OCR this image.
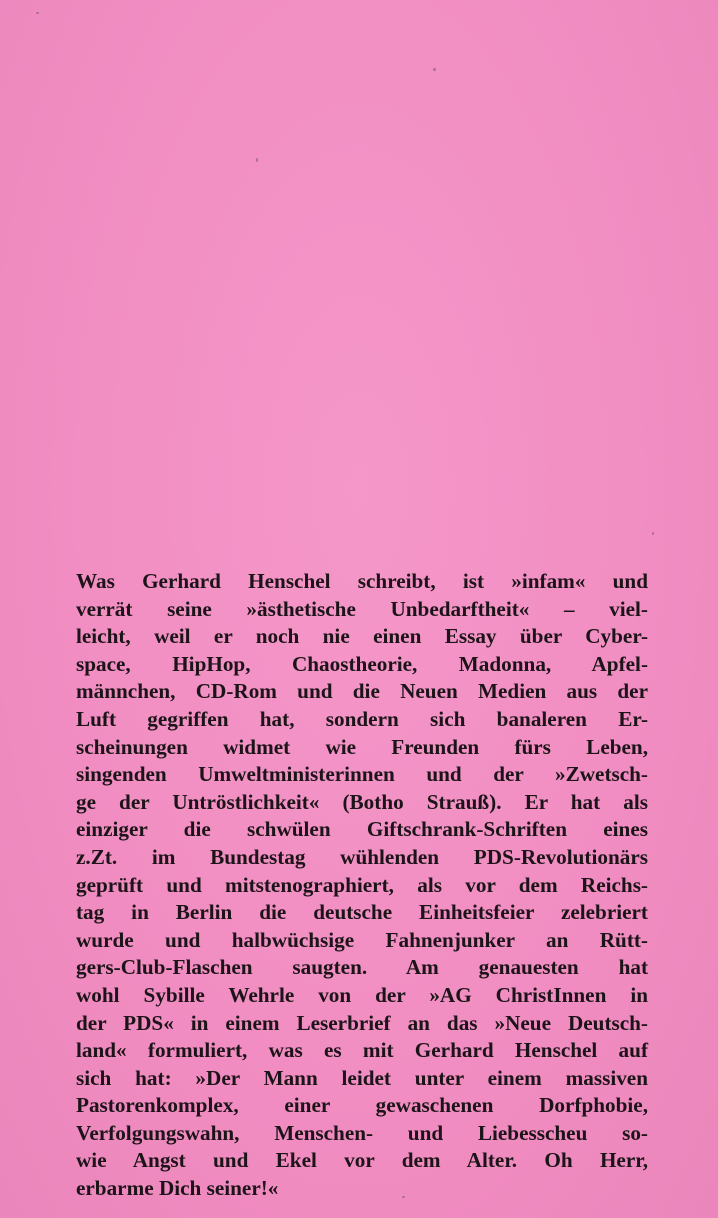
Was Gerhard Henschel schreibt, ist »infam« und
verrät seine »ästhetische Unbedarftheit« – viel-
leicht, weil er noch nie einen Essay über Cyber-
space, HipHop, Chaostheorie, Madonna, Apfel-
männchen, CD-Rom und die Neuen Medien aus der
Luft gegriffen hat, sondern sich banaleren Er-
scheinungen widmet wie Freunden fürs Leben,
singenden Umweltministerinnen und der »Zwetsch-
ge der Untröstlichkeit« (Botho Strauß). Er hat als
einziger die schwülen Giftschrank-Schriften eines
z.Zt. im Bundestag wühlenden PDS-Revolutionärs
geprüft und mitstenographiert, als vor dem Reichs-
tag in Berlin die deutsche Einheitsfeier zelebriert
wurde und halbwüchsige Fahnenjunker an Rütt-
gers-Club-Flaschen saugten. Am genauesten hat
wohl Sybille Wehrle von der »AG ChristInnen in
der PDS« in einem Leserbrief an das »Neue Deutsch-
land« formuliert, was es mit Gerhard Henschel auf
sich hat: »Der Mann leidet unter einem massiven
Pastorenkomplex, einer gewaschenen Dorfphobie,
Verfolgungswahn, Menschen- und Liebesscheu so-
wie Angst und Ekel vor dem Alter. Oh Herr,
erbarme Dich seiner!«
